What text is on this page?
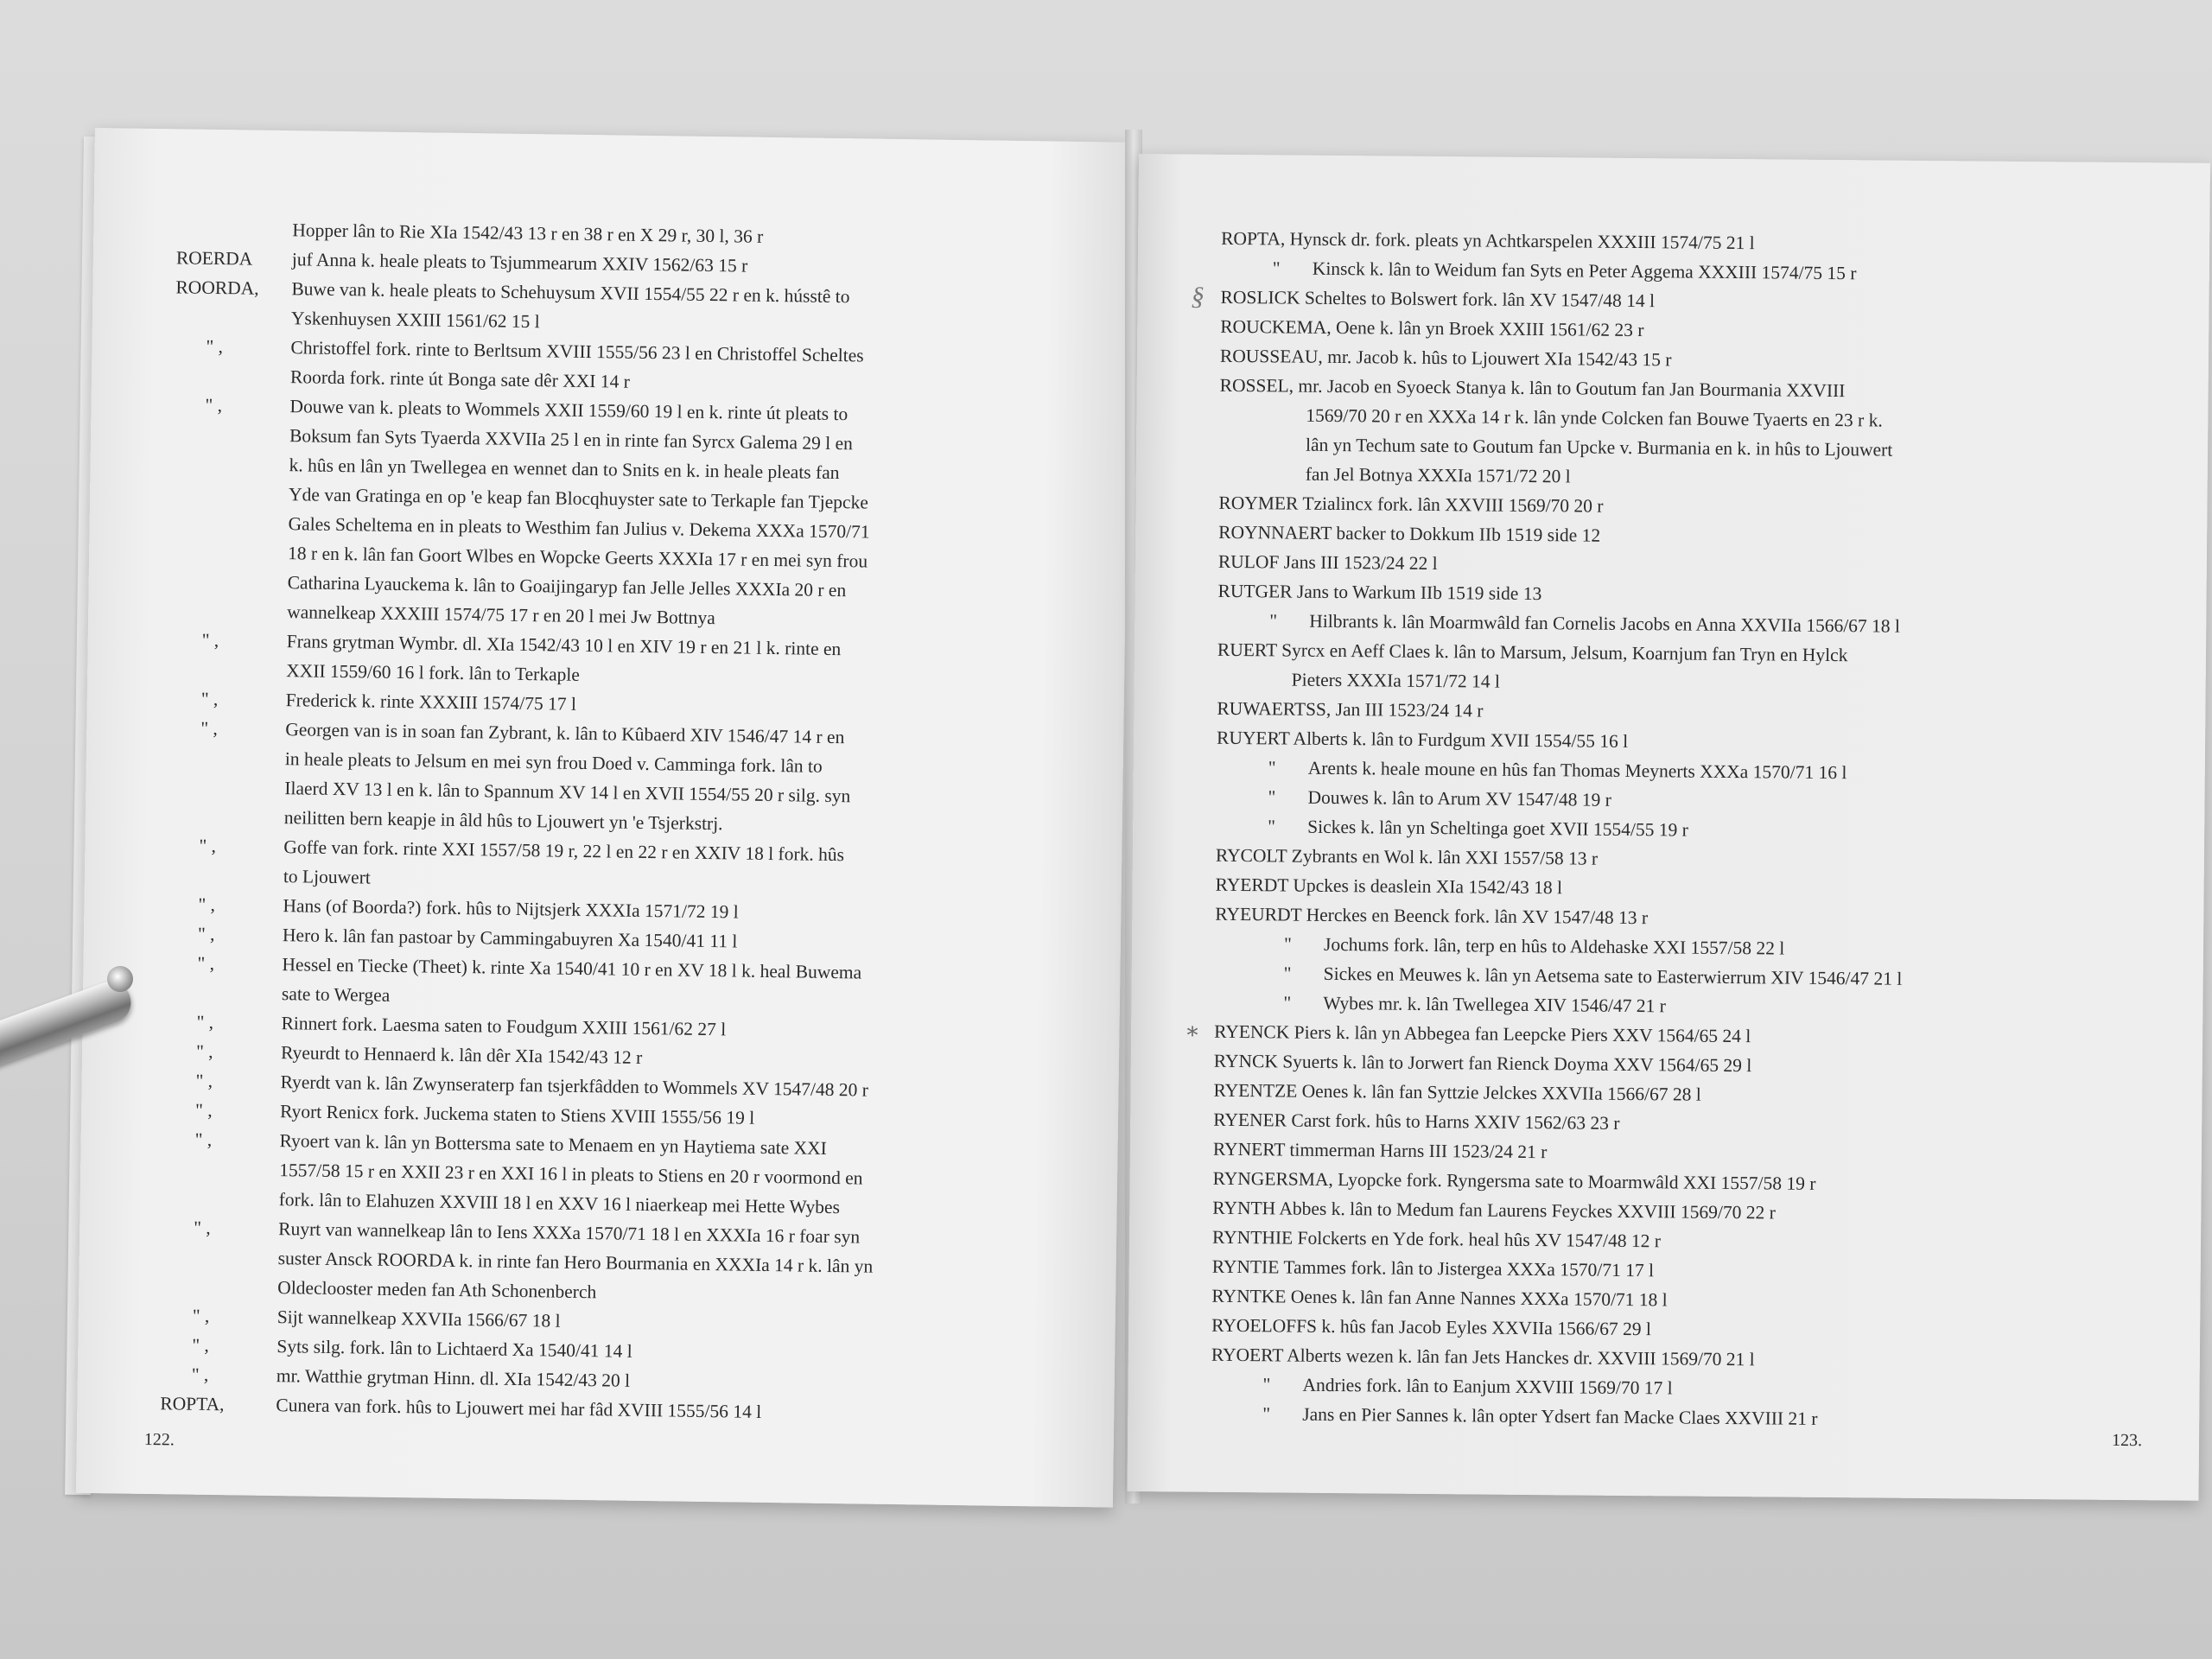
Hopper lân to Rie XIa 1542/43 13 r en 38 r en X 29 r, 30 l, 36 r
ROERDA juf Anna k. heale pleats to Tsjummearum XXIV 1562/63 15 r
ROORDA, Buwe van k. heale pleats to Schehuysum XVII 1554/55 22 r en k. hússtê to
Yskenhuysen XXIII 1561/62 15 l
" ,	Christoffel fork. rinte to Berltsum XVIII 1555/56 23 l en Christoffel Scheltes
Roorda fork. rinte út Bonga sate dêr XXI 14 r
" ,	Douwe van k. pleats to Wommels XXII 1559/60 19 l en k. rinte út pleats to
Boksum fan Syts Tyaerda XXVIIa 25 l en in rinte fan Syrcx Galema 29 l en
k. hûs en lân yn Twellegea en wennet dan to Snits en k. in heale pleats fan
Yde van Gratinga en op 'e keap fan Blocqhuyster sate to Terkaple fan Tjepcke
Gales Scheltema en in pleats to Westhim fan Julius v. Dekema XXXa 1570/71
18 r en k. lân fan Goort Wlbes en Wopcke Geerts XXXIa 17 r en mei syn frou
Catharina Lyauckema k. lân to Goaijingaryp fan Jelle Jelles XXXIa 20 r en
wannelkeap XXXIII 1574/75 17 r en 20 l mei Jw Bottnya
" ,	Frans grytman Wymbr. dl. XIa 1542/43 10 l en XIV 19 r en 21 l k. rinte en
XXII 1559/60 16 l fork. lân to Terkaple
" ,	Frederick k. rinte XXXIII 1574/75 17 l
" ,	Georgen van is in soan fan Zybrant, k. lân to Kûbaerd XIV 1546/47 14 r en
in heale pleats to Jelsum en mei syn frou Doed v. Camminga fork. lân to
Ilaerd XV 13 l en k. lân to Spannum XV 14 l en XVII 1554/55 20 r silg. syn
neilitten bern keapje in âld hûs to Ljouwert yn 'e Tsjerkstrj.
" ,	Goffe van fork. rinte XXI 1557/58 19 r, 22 l en 22 r en XXIV 18 l fork. hûs
to Ljouwert
" ,	Hans (of Boorda?) fork. hûs to Nijtsjerk XXXIa 1571/72 19 l
" ,	Hero k. lân fan pastoar by Cammingabuyren Xa 1540/41 11 l
" ,	Hessel en Tiecke (Theet) k. rinte Xa 1540/41 10 r en XV 18 l k. heal Buwema
sate to Wergea
" ,	Rinnert fork. Laesma saten to Foudgum XXIII 1561/62 27 l
" ,	Ryeurdt to Hennaerd k. lân dêr XIa 1542/43 12 r
" ,	Ryerdt van k. lân Zwynseraterp fan tsjerkfâdden to Wommels XV 1547/48 20 r
" ,	Ryort Renicx fork. Juckema staten to Stiens XVIII 1555/56 19 l
" ,	Ryoert van k. lân yn Bottersma sate to Menaem en yn Haytiema sate XXI
1557/58 15 r en XXII 23 r en XXI 16 l in pleats to Stiens en 20 r voormond en
fork. lân to Elahuzen XXVIII 18 l en XXV 16 l niaerkeap mei Hette Wybes
" ,	Ruyrt van wannelkeap lân to Iens XXXa 1570/71 18 l en XXXIa 16 r foar syn
suster Ansck ROORDA k. in rinte fan Hero Bourmania en XXXIa 14 r k. lân yn
Oldeclooster meden fan Ath Schonenberch
" ,	Sijt wannelkeap XXVIIa 1566/67 18 l
" ,	Syts silg. fork. lân to Lichtaerd Xa 1540/41 14 l
" ,	mr. Watthie grytman Hinn. dl. XIa 1542/43 20 l
ROPTA,	Cunera van fork. hûs to Ljouwert mei har fâd XVIII 1555/56 14 l
122.
ROPTA, Hynsck dr. fork. pleats yn Achtkarspelen XXXIII 1574/75 21 l
" Kinsck k. lân to Weidum fan Syts en Peter Aggema XXXIII 1574/75 15 r
§ ROSLICK Scheltes to Bolswert fork. lân XV 1547/48 14 l
ROUCKEMA, Oene k. lân yn Broek XXIII 1561/62 23 r
ROUSSEAU, mr. Jacob k. hûs to Ljouwert XIa 1542/43 15 r
ROSSEL, mr. Jacob en Syoeck Stanya k. lân to Goutum fan Jan Bourmania XXVIII
1569/70 20 r en XXXa 14 r k. lân ynde Colcken fan Bouwe Tyaerts en 23 r k.
lân yn Techum sate to Goutum fan Upcke v. Burmania en k. in hûs to Ljouwert
fan Jel Botnya XXXIa 1571/72 20 l
ROYMER Tzialincx fork. lân XXVIII 1569/70 20 r
ROYNNAERT backer to Dokkum IIb 1519 side 12
RULOF Jans III 1523/24 22 l
RUTGER Jans to Warkum IIb 1519 side 13
" Hilbrants k. lân Moarmwâld fan Cornelis Jacobs en Anna XXVIIa 1566/67 18 l
RUERT Syrcx en Aeff Claes k. lân to Marsum, Jelsum, Koarnjum fan Tryn en Hylck
Pieters XXXIa 1571/72 14 l
RUWAERTSS, Jan III 1523/24 14 r
RUYERT Alberts k. lân to Furdgum XVII 1554/55 16 l
" Arents k. heale moune en hûs fan Thomas Meynerts XXXa 1570/71 16 l
" Douwes k. lân to Arum XV 1547/48 19 r
" Sickes k. lân yn Scheltinga goet XVII 1554/55 19 r
RYCOLT Zybrants en Wol k. lân XXI 1557/58 13 r
RYERDT Upckes is deaslein XIa 1542/43 18 l
RYEURDT Herckes en Beenck fork. lân XV 1547/48 13 r
" Jochums fork. lân, terp en hûs to Aldehaske XXI 1557/58 22 l
" Sickes en Meuwes k. lân yn Aetsema sate to Easterwierrum XIV 1546/47 21 l
" Wybes mr. k. lân Twellegea XIV 1546/47 21 r
∗ RYENCK Piers k. lân yn Abbegea fan Leepcke Piers XXV 1564/65 24 l
RYNCK Syuerts k. lân to Jorwert fan Rienck Doyma XXV 1564/65 29 l
RYENTZE Oenes k. lân fan Syttzie Jelckes XXVIIa 1566/67 28 l
RYENER Carst fork. hûs to Harns XXIV 1562/63 23 r
RYNERT timmerman Harns III 1523/24 21 r
RYNGERSMA, Lyopcke fork. Ryngersma sate to Moarmwâld XXI 1557/58 19 r
RYNTH Abbes k. lân to Medum fan Laurens Feyckes XXVIII 1569/70 22 r
RYNTHIE Folckerts en Yde fork. heal hûs XV 1547/48 12 r
RYNTIE Tammes fork. lân to Jistergea XXXa 1570/71 17 l
RYNTKE Oenes k. lân fan Anne Nannes XXXa 1570/71 18 l
RYOELOFFS k. hûs fan Jacob Eyles XXVIIa 1566/67 29 l
RYOERT Alberts wezen k. lân fan Jets Hanckes dr. XXVIII 1569/70 21 l
" Andries fork. lân to Eanjum XXVIII 1569/70 17 l
" Jans en Pier Sannes k. lân opter Ydsert fan Macke Claes XXVIII 21 r
123.
